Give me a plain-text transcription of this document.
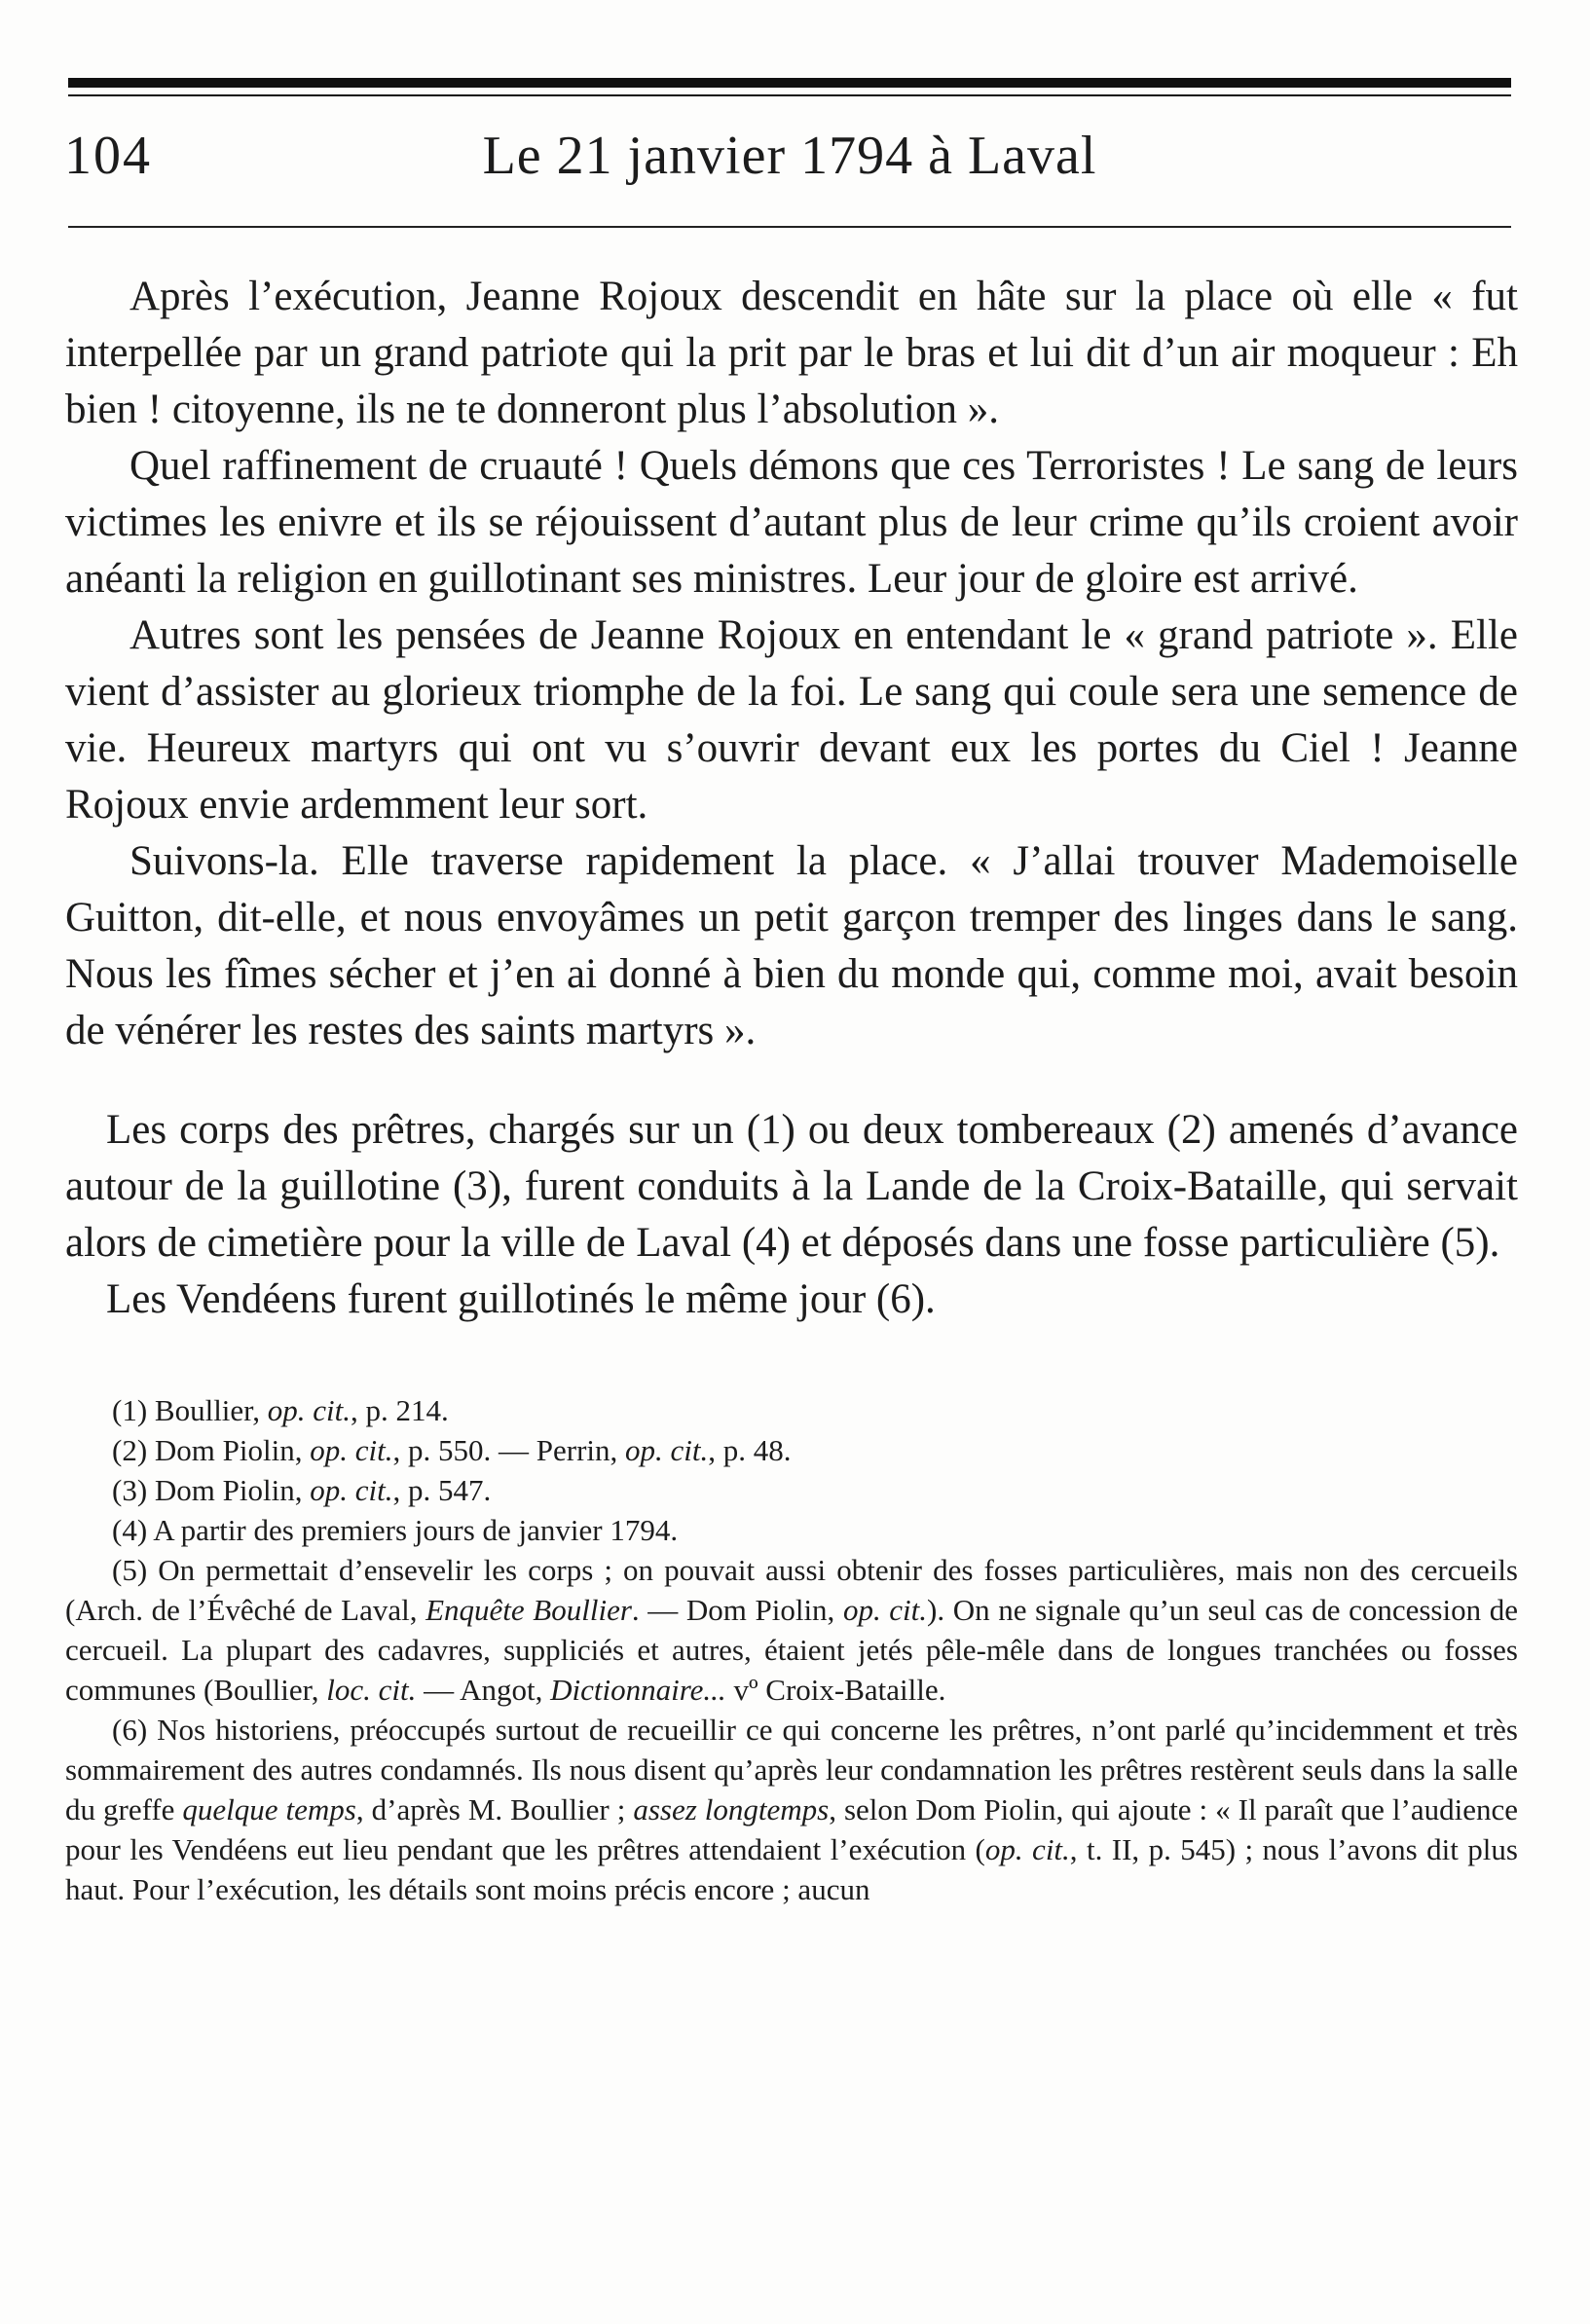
104	Le 21 janvier 1794 à Laval

Après l’exécution, Jeanne Rojoux descendit en hâte sur la place où elle « fut interpellée par un grand patriote qui la prit par le bras et lui dit d’un air moqueur : Eh bien ! citoyenne, ils ne te donneront plus l’absolution ».

Quel raffinement de cruauté ! Quels démons que ces Terroristes ! Le sang de leurs victimes les enivre et ils se réjouissent d’autant plus de leur crime qu’ils croient avoir anéanti la religion en guillotinant ses ministres. Leur jour de gloire est arrivé.

Autres sont les pensées de Jeanne Rojoux en entendant le « grand patriote ». Elle vient d’assister au glorieux triomphe de la foi. Le sang qui coule sera une semence de vie. Heureux martyrs qui ont vu s’ouvrir devant eux les portes du Ciel ! Jeanne Rojoux envie ardemment leur sort.

Suivons-la. Elle traverse rapidement la place. « J’allai trouver Mademoiselle Guitton, dit-elle, et nous envoyâmes un petit garçon tremper des linges dans le sang. Nous les fîmes sécher et j’en ai donné à bien du monde qui, comme moi, avait besoin de vénérer les restes des saints martyrs ».

Les corps des prêtres, chargés sur un (1) ou deux tombereaux (2) amenés d’avance autour de la guillotine (3), furent conduits à la Lande de la Croix-Bataille, qui servait alors de cimetière pour la ville de Laval (4) et déposés dans une fosse particulière (5).

Les Vendéens furent guillotinés le même jour (6).

(1) Boullier, op. cit., p. 214.

(2) Dom Piolin, op. cit., p. 550. — Perrin, op. cit., p. 48.

(3) Dom Piolin, op. cit., p. 547.

(4) A partir des premiers jours de janvier 1794.

(5) On permettait d’ensevelir les corps ; on pouvait aussi obtenir des fosses particulières, mais non des cercueils (Arch. de l’Évêché de Laval, Enquête Boullier. — Dom Piolin, op. cit.). On ne signale qu’un seul cas de concession de cercueil. La plupart des cadavres, suppliciés et autres, étaient jetés pêle-mêle dans de longues tranchées ou fosses communes (Boullier, loc. cit. — Angot, Dictionnaire... vº Croix-Bataille.

(6) Nos historiens, préoccupés surtout de recueillir ce qui concerne les prêtres, n’ont parlé qu’incidemment et très sommairement des autres condamnés. Ils nous disent qu’après leur condamnation les prêtres restèrent seuls dans la salle du greffe quelque temps, d’après M. Boullier ; assez longtemps, selon Dom Piolin, qui ajoute : « Il paraît que l’audience pour les Vendéens eut lieu pendant que les prêtres attendaient l’exécution (op. cit., t. II, p. 545) ; nous l’avons dit plus haut. Pour l’exécution, les détails sont moins précis encore ; aucun
